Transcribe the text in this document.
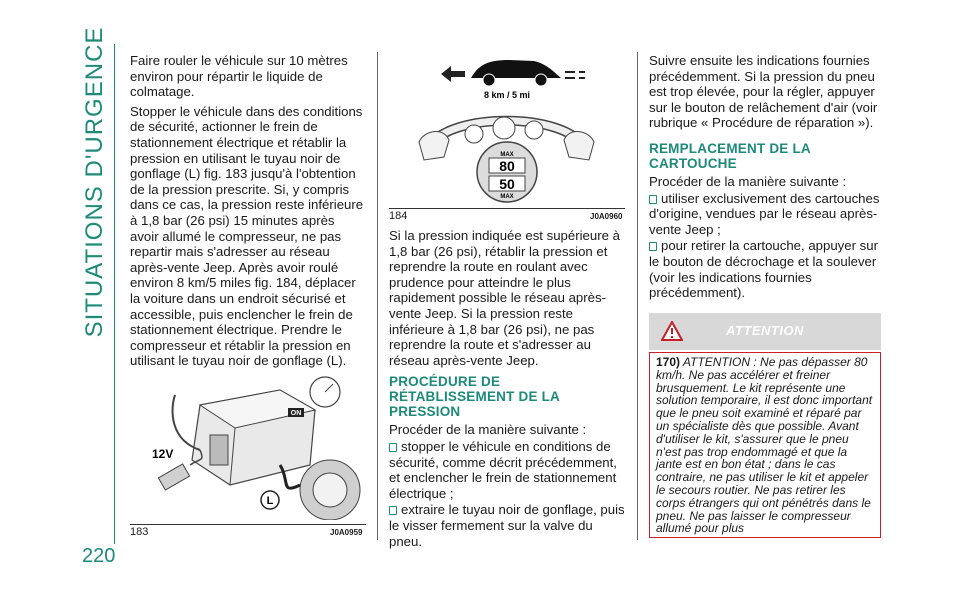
SITUATIONS D'URGENCE
220

Faire rouler le véhicule sur 10 mètres environ pour répartir le liquide de colmatage.

Stopper le véhicule dans des conditions de sécurité, actionner le frein de stationnement électrique et rétablir la pression en utilisant le tuyau noir de gonflage (L) fig. 183 jusqu'à l'obtention de la pression prescrite. Si, y compris dans ce cas, la pression reste inférieure à 1,8 bar (26 psi) 15 minutes après avoir allumé le compresseur, ne pas repartir mais s'adresser au réseau après-vente Jeep. Après avoir roulé environ 8 km/5 miles fig. 184, déplacer la voiture dans un endroit sécurisé et accessible, puis enclencher le frein de stationnement électrique. Prendre le compresseur et rétablir la pression en utilisant le tuyau noir de gonflage (L).

ON
12V
L
183	J0A0959
8 km / 5 mi
MAX
80
50
MAX
184	J0A0960

Si la pression indiquée est supérieure à 1,8 bar (26 psi), rétablir la pression et reprendre la route en roulant avec prudence pour atteindre le plus rapidement possible le réseau après-vente Jeep. Si la pression reste inférieure à 1,8 bar (26 psi), ne pas reprendre la route et s'adresser au réseau après-vente Jeep.

PROCÉDURE DE RÉTABLISSEMENT DE LA PRESSION

Procéder de la manière suivante :

stopper le véhicule en conditions de sécurité, comme décrit précédemment, et enclencher le frein de stationnement électrique ;

extraire le tuyau noir de gonflage, puis le visser fermement sur la valve du pneu.

Suivre ensuite les indications fournies précédemment. Si la pression du pneu est trop élevée, pour la régler, appuyer sur le bouton de relâchement d'air (voir rubrique « Procédure de réparation »).

REMPLACEMENT DE LA CARTOUCHE

Procéder de la manière suivante :

utiliser exclusivement des cartouches d'origine, vendues par le réseau après-vente Jeep ;

pour retirer la cartouche, appuyer sur le bouton de décrochage et la soulever (voir les indications fournies précédemment).

ATTENTION
170) ATTENTION : Ne pas dépasser 80 km/h. Ne pas accélérer et freiner brusquement. Le kit représente une solution temporaire, il est donc important que le pneu soit examiné et réparé par un spécialiste dès que possible. Avant d'utiliser le kit, s'assurer que le pneu n'est pas trop endommagé et que la jante est en bon état ; dans le cas contraire, ne pas utiliser le kit et appeler le secours routier. Ne pas retirer les corps étrangers qui ont pénétrés dans le pneu. Ne pas laisser le compresseur allumé pour plus
